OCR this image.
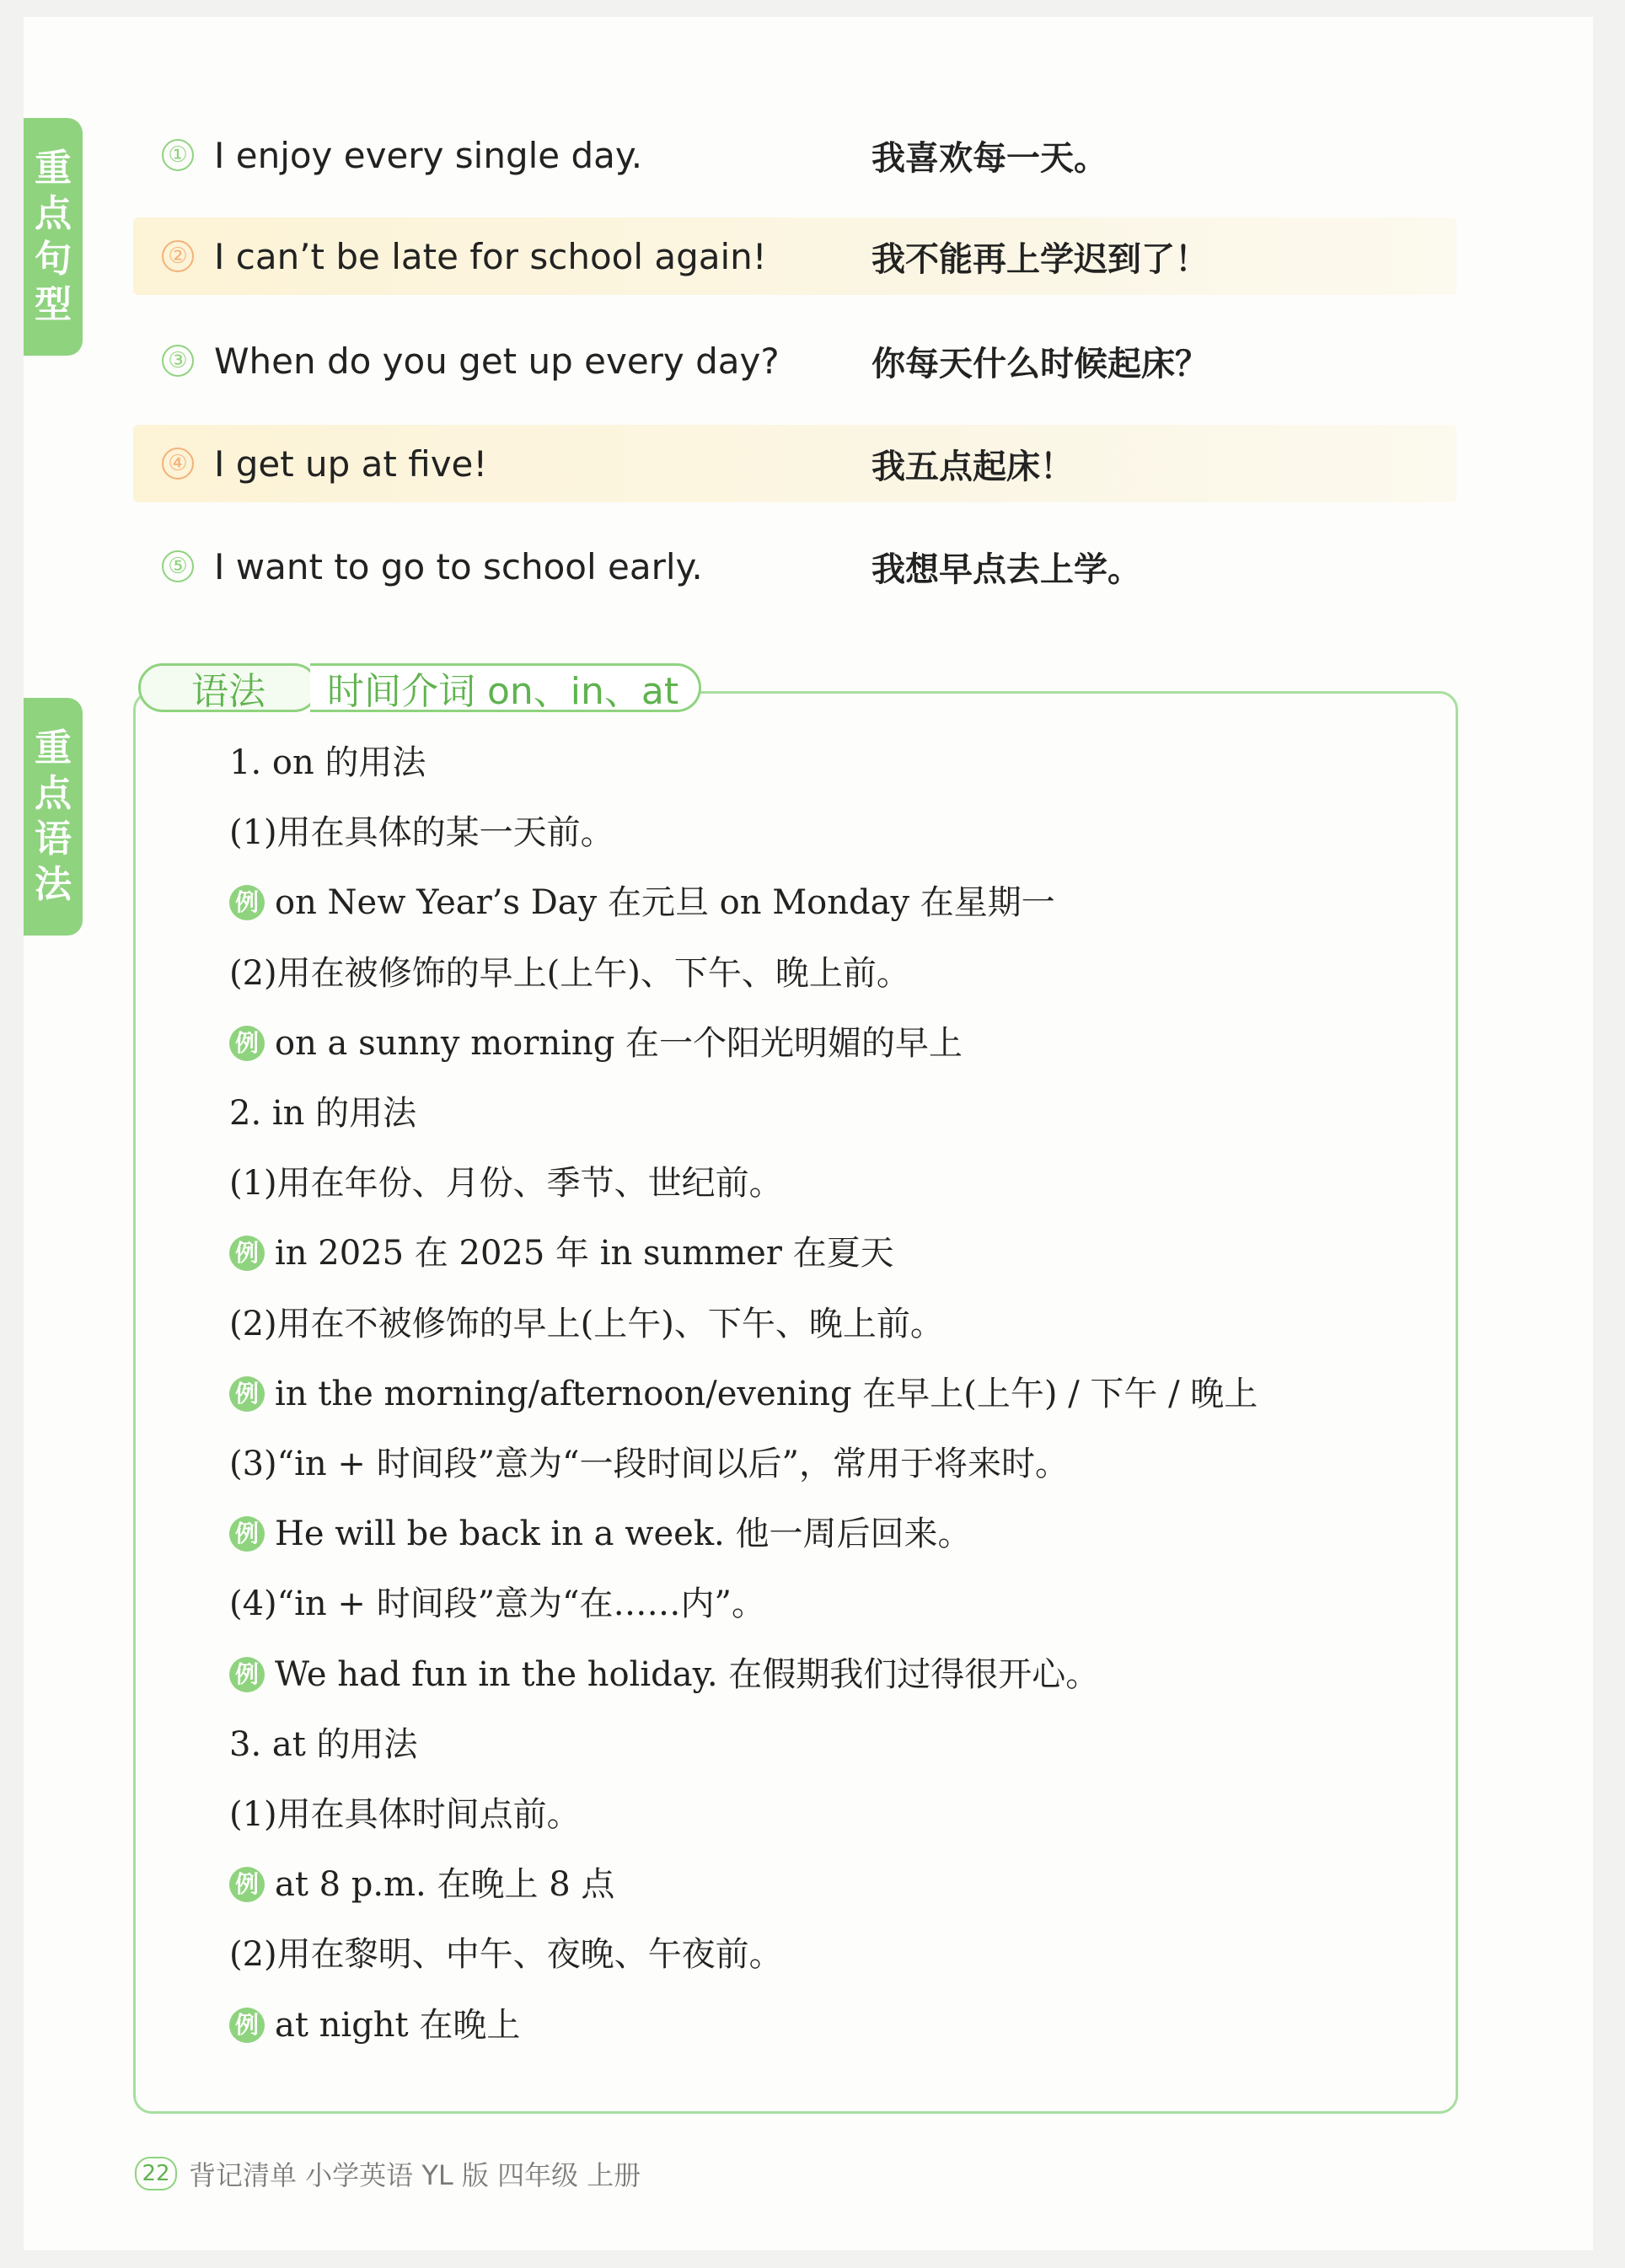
重
点
句
型
重
点
语
法
① I enjoy every single day.	我喜欢每一天。
② I can’t be late for school again!	我不能再上学迟到了！
③ When do you get up every day?	你每天什么时候起床？
④ I get up at five!	我五点起床！
⑤ I want to go to school early.	我想早点去上学。
语法	时间介词 on、in、at
1. on 的用法
(1)用在具体的某一天前。
例 on New Year’s Day 在元旦 on Monday 在星期一
(2)用在被修饰的早上(上午)、下午、晚上前。
例 on a sunny morning 在一个阳光明媚的早上
2. in 的用法
(1)用在年份、月份、季节、世纪前。
例 in 2025 在 2025 年 in summer 在夏天
(2)用在不被修饰的早上(上午)、下午、晚上前。
例 in the morning/afternoon/evening 在早上(上午) / 下午 / 晚上
(3)“in + 时间段”意为“一段时间以后”，常用于将来时。
例 He will be back in a week. 他一周后回来。
(4)“in + 时间段”意为“在……内”。
例 We had fun in the holiday. 在假期我们过得很开心。
3. at 的用法
(1)用在具体时间点前。
例 at 8 p.m. 在晚上 8 点
(2)用在黎明、中午、夜晚、午夜前。
例 at night 在晚上
22 背记清单 小学英语 YL 版 四年级 上册
